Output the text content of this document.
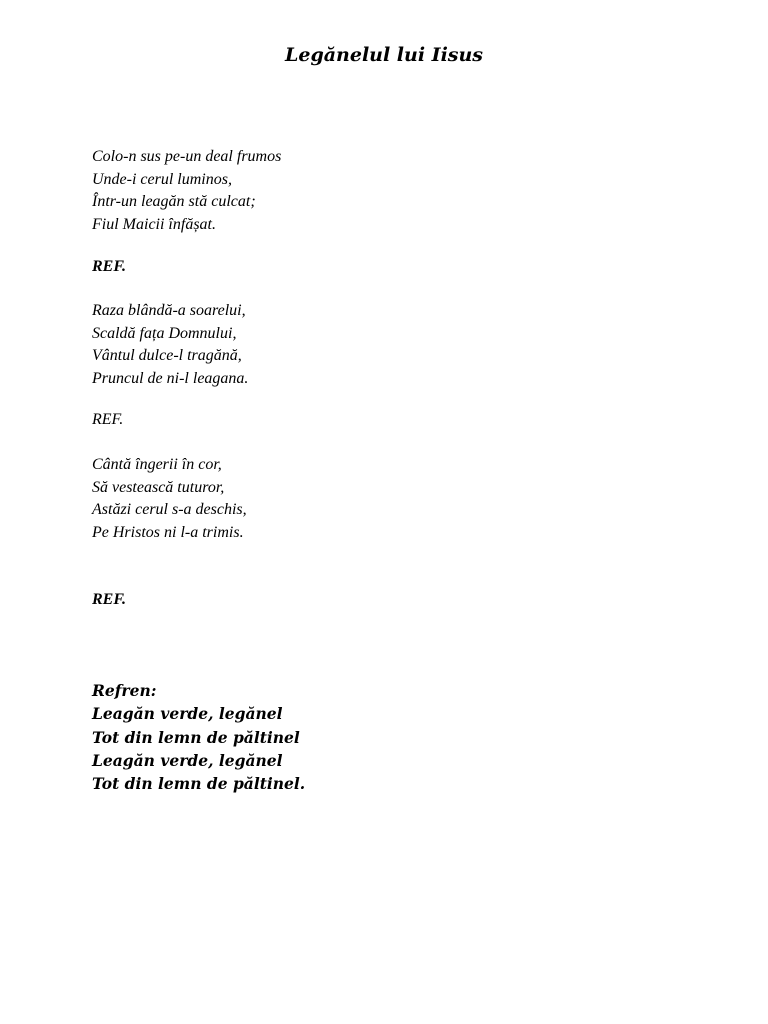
Legănelul lui Iisus
Colo-n sus pe-un deal frumos
Unde-i cerul luminos,
Într-un leagăn stă culcat;
Fiul Maicii înfășat.
REF.
Raza blândă-a soarelui,
Scaldă fața Domnului,
Vântul dulce-l tragănă,
Pruncul de ni-l leagana.
REF.
Cântă îngerii în cor,
Să vestească tuturor,
Astăzi cerul s-a deschis,
Pe Hristos ni l-a trimis.
REF.
Refren:
Leagăn verde, legănel
Tot din lemn de păltinel
Leagăn verde, legănel
Tot din lemn de păltinel.
